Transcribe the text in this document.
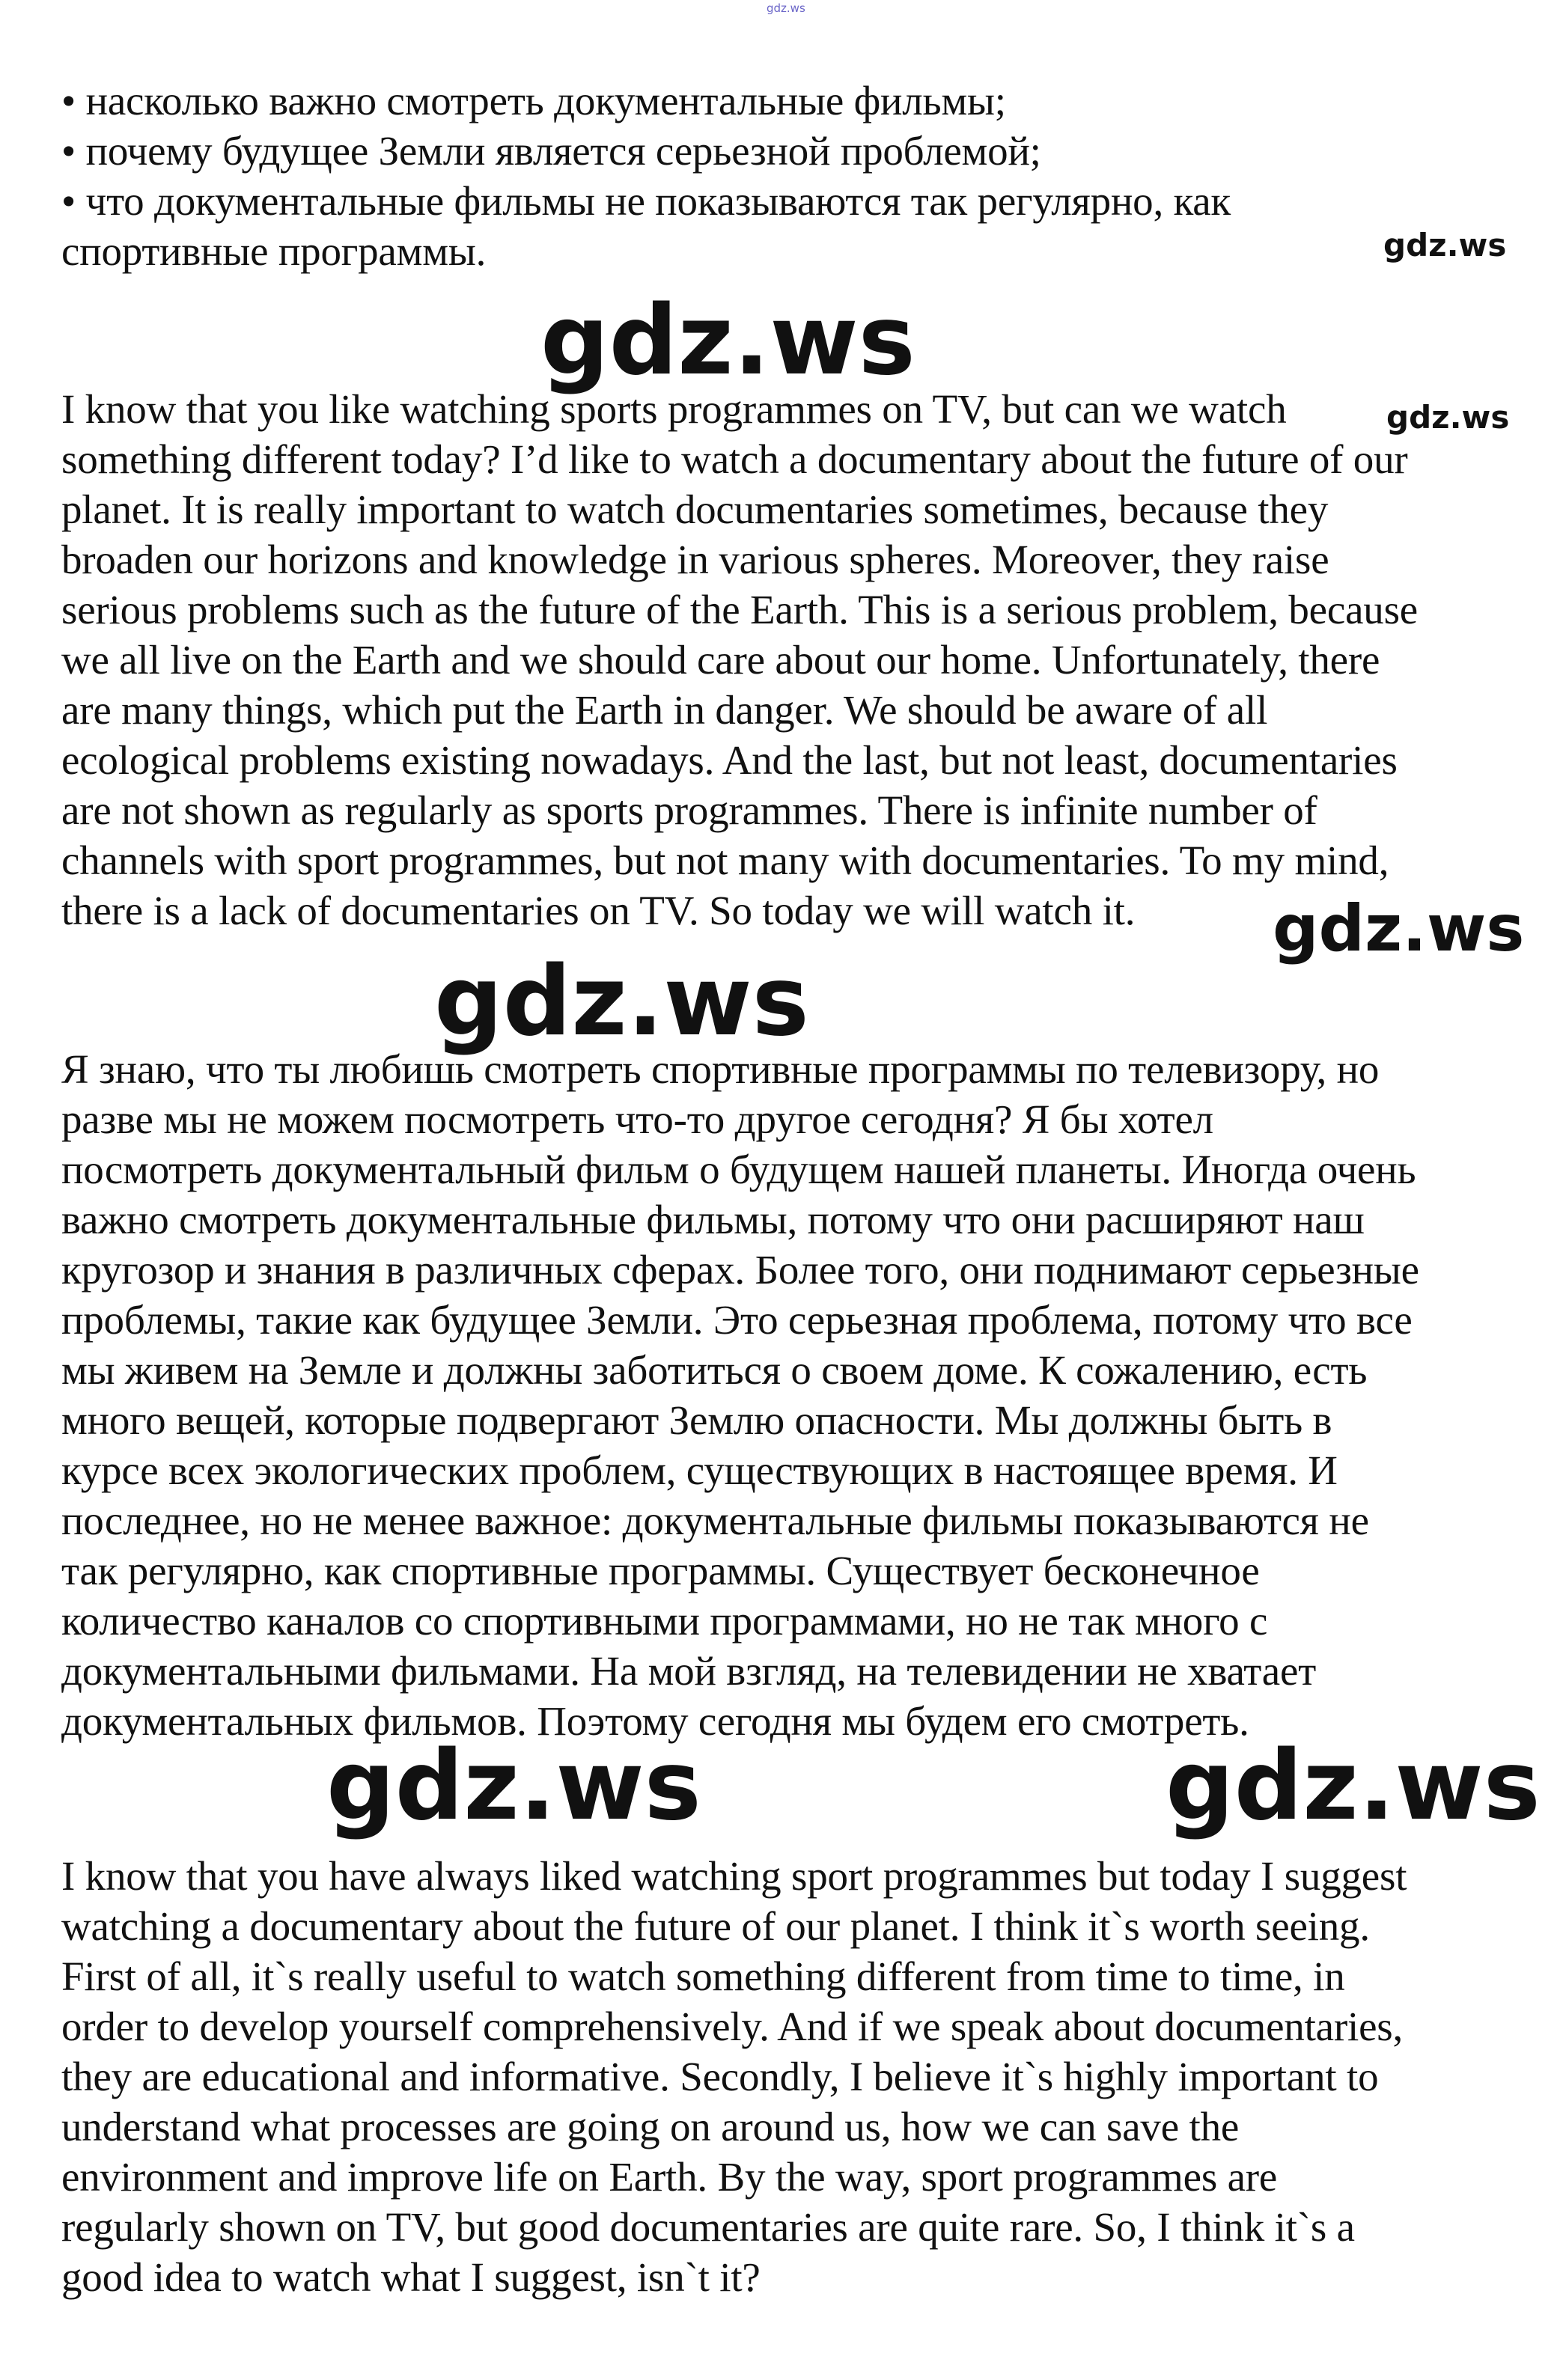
gdz.ws
• насколько важно смотреть документальные фильмы;
• почему будущее Земли является серьезной проблемой;
• что документальные фильмы не показываются так регулярно, как
спортивные программы.	gdz.ws
gdz.ws
I know that you like watching sports programmes on TV, but can we watch	gdz.ws
something different today? I’d like to watch a documentary about the future of our
planet. It is really important to watch documentaries sometimes, because they
broaden our horizons and knowledge in various spheres. Moreover, they raise
serious problems such as the future of the Earth. This is a serious problem, because
we all live on the Earth and we should care about our home. Unfortunately, there
are many things, which put the Earth in danger. We should be aware of all
ecological problems existing nowadays. And the last, but not least, documentaries
are not shown as regularly as sports programmes. There is infinite number of
channels with sport programmes, but not many with documentaries. To my mind,
there is a lack of documentaries on TV. So today we will watch it. gdz.ws
gdz.ws
Я знаю, что ты любишь смотреть спортивные программы по телевизору, но
разве мы не можем посмотреть что-то другое сегодня? Я бы хотел
посмотреть документальный фильм о будущем нашей планеты. Иногда очень
важно смотреть документальные фильмы, потому что они расширяют наш
кругозор и знания в различных сферах. Более того, они поднимают серьезные
проблемы, такие как будущее Земли. Это серьезная проблема, потому что все
мы живем на Земле и должны заботиться о своем доме. К сожалению, есть
много вещей, которые подвергают Землю опасности. Мы должны быть в
курсе всех экологических проблем, существующих в настоящее время. И
последнее, но не менее важное: документальные фильмы показываются не
так регулярно, как спортивные программы. Существует бесконечное
количество каналов со спортивными программами, но не так много с
документальными фильмами. На мой взгляд, на телевидении не хватает
документальных фильмов. Поэтому сегодня мы будем его смотреть.
gdz.ws	gdz.ws
I know that you have always liked watching sport programmes but today I suggest
watching a documentary about the future of our planet. I think it`s worth seeing.
First of all, it`s really useful to watch something different from time to time, in
order to develop yourself comprehensively. And if we speak about documentaries,
they are educational and informative. Secondly, I believe it`s highly important to
understand what processes are going on around us, how we can save the
environment and improve life on Earth. By the way, sport programmes are
regularly shown on TV, but good documentaries are quite rare. So, I think it`s a
good idea to watch what I suggest, isn`t it?
